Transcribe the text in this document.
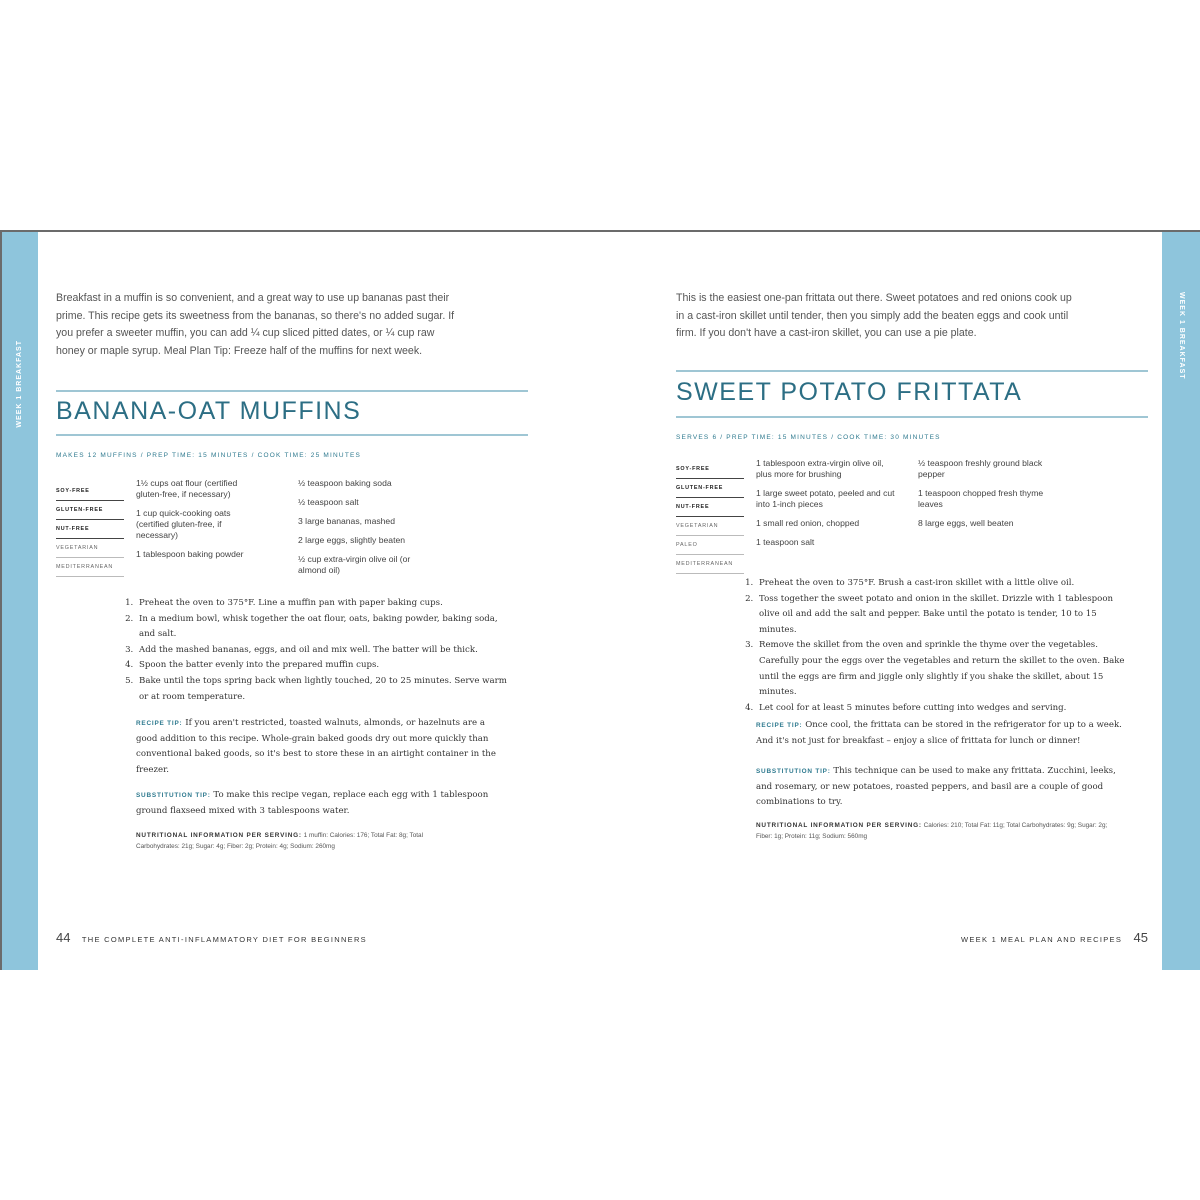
WEEK 1 BREAKFAST

Breakfast in a muffin is so convenient, and a great way to use up bananas past their prime. This recipe gets its sweetness from the bananas, so there's no added sugar. If you prefer a sweeter muffin, you can add ¼ cup sliced pitted dates, or ¼ cup raw honey or maple syrup. Meal Plan Tip: Freeze half of the muffins for next week.

BANANA-OAT MUFFINS
MAKES 12 MUFFINS / PREP TIME: 15 MINUTES / COOK TIME: 25 MINUTES
SOY-FREE
GLUTEN-FREE
NUT-FREE
VEGETARIAN
MEDITERRANEAN
1½ cups oat flour (certified gluten-free, if necessary)
1 cup quick-cooking oats (certified gluten-free, if necessary)
1 tablespoon baking powder
½ teaspoon baking soda
½ teaspoon salt
3 large bananas, mashed
2 large eggs, slightly beaten
½ cup extra-virgin olive oil (or almond oil)
1. Preheat the oven to 375°F. Line a muffin pan with paper baking cups.
2. In a medium bowl, whisk together the oat flour, oats, baking powder, baking soda, and salt.
3. Add the mashed bananas, eggs, and oil and mix well. The batter will be thick.
4. Spoon the batter evenly into the prepared muffin cups.
5. Bake until the tops spring back when lightly touched, 20 to 25 minutes. Serve warm or at room temperature.

RECIPE TIP: If you aren't restricted, toasted walnuts, almonds, or hazelnuts are a good addition to this recipe. Whole-grain baked goods dry out more quickly than conventional baked goods, so it's best to store these in an airtight container in the freezer.

SUBSTITUTION TIP: To make this recipe vegan, replace each egg with 1 tablespoon ground flaxseed mixed with 3 tablespoons water.

NUTRITIONAL INFORMATION PER SERVING: 1 muffin: Calories: 176; Total Fat: 8g; Total Carbohydrates: 21g; Sugar: 4g; Fiber: 2g; Protein: 4g; Sodium: 260mg

44 THE COMPLETE ANTI-INFLAMMATORY DIET FOR BEGINNERS

This is the easiest one-pan frittata out there. Sweet potatoes and red onions cook up in a cast-iron skillet until tender, then you simply add the beaten eggs and cook until firm. If you don't have a cast-iron skillet, you can use a pie plate.

SWEET POTATO FRITTATA
SERVES 6 / PREP TIME: 15 MINUTES / COOK TIME: 30 MINUTES
SOY-FREE
GLUTEN-FREE
NUT-FREE
VEGETARIAN
PALEO
MEDITERRANEAN
1 tablespoon extra-virgin olive oil, plus more for brushing
1 large sweet potato, peeled and cut into 1-inch pieces
1 small red onion, chopped
1 teaspoon salt
½ teaspoon freshly ground black pepper
1 teaspoon chopped fresh thyme leaves
8 large eggs, well beaten
1. Preheat the oven to 375°F. Brush a cast-iron skillet with a little olive oil.
2. Toss together the sweet potato and onion in the skillet. Drizzle with 1 tablespoon olive oil and add the salt and pepper. Bake until the potato is tender, 10 to 15 minutes.
3. Remove the skillet from the oven and sprinkle the thyme over the vegetables. Carefully pour the eggs over the vegetables and return the skillet to the oven. Bake until the eggs are firm and jiggle only slightly if you shake the skillet, about 15 minutes.
4. Let cool for at least 5 minutes before cutting into wedges and serving.

RECIPE TIP: Once cool, the frittata can be stored in the refrigerator for up to a week. And it's not just for breakfast – enjoy a slice of frittata for lunch or dinner!

SUBSTITUTION TIP: This technique can be used to make any frittata. Zucchini, leeks, and rosemary, or new potatoes, roasted peppers, and basil are a couple of good combinations to try.

NUTRITIONAL INFORMATION PER SERVING: Calories: 210; Total Fat: 11g; Total Carbohydrates: 9g; Sugar: 2g; Fiber: 1g; Protein: 11g; Sodium: 560mg

WEEK 1 MEAL PLAN AND RECIPES 45
WEEK 1 BREAKFAST
